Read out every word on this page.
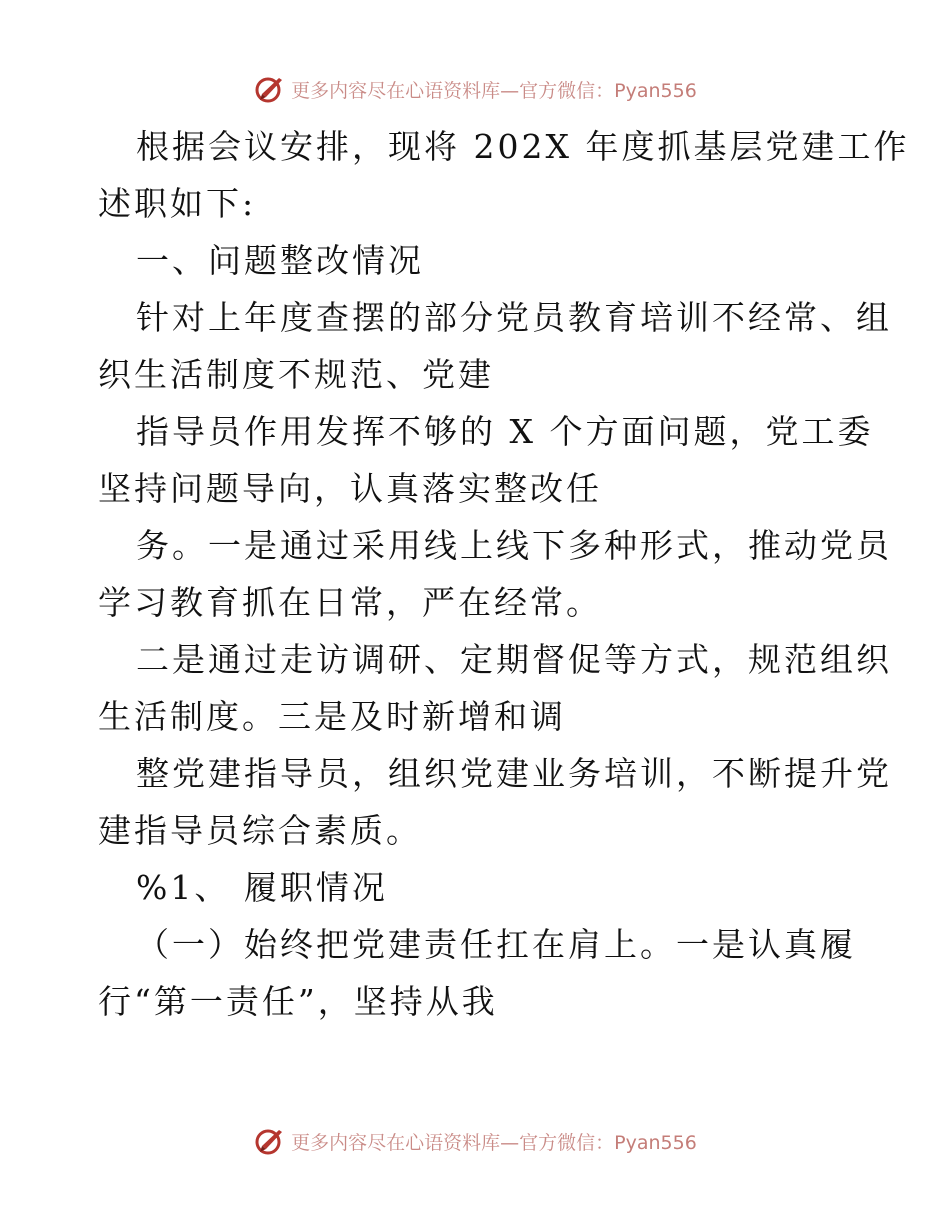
更多内容尽在心语资料库—官方微信：Pyan556
根据会议安排，现将 202X 年度抓基层党建工作
述职如下:
一、问题整改情况
针对上年度查摆的部分党员教育培训不经常、组
织生活制度不规范、党建
指导员作用发挥不够的 X 个方面问题，党工委
坚持问题导向，认真落实整改任
务。一是通过采用线上线下多种形式，推动党员
学习教育抓在日常，严在经常。
二是通过走访调研、定期督促等方式，规范组织
生活制度。三是及时新增和调
整党建指导员，组织党建业务培训，不断提升党
建指导员综合素质。
%1、 履职情况
（一）始终把党建责任扛在肩上。一是认真履
行“第一责任”，坚持从我
更多内容尽在心语资料库—官方微信：Pyan556
